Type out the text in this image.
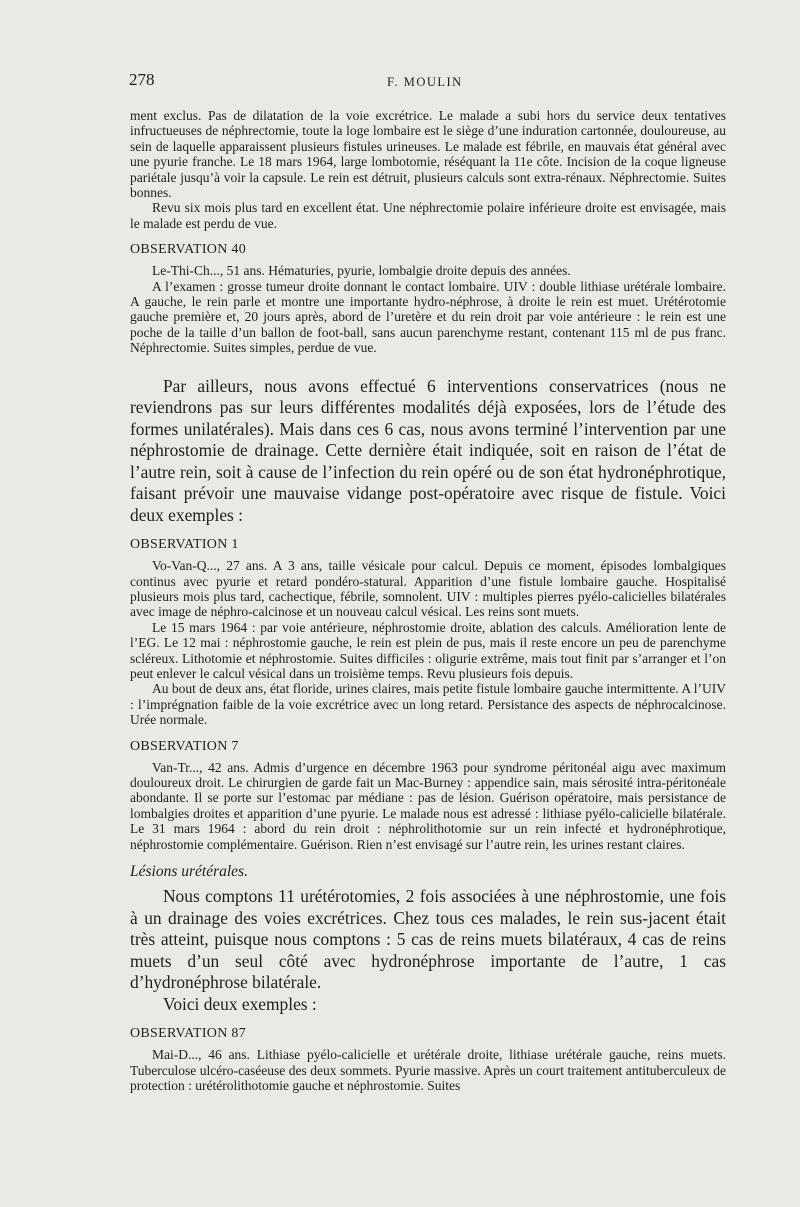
278	F. MOULIN

ment exclus. Pas de dilatation de la voie excrétrice. Le malade a subi hors du service deux tentatives infructueuses de néphrectomie, toute la loge lombaire est le siège d’une induration cartonnée, douloureuse, au sein de laquelle apparaissent plusieurs fistules urineuses. Le malade est fébrile, en mauvais état général avec une pyurie franche. Le 18 mars 1964, large lombotomie, réséquant la 11e côte. Incision de la coque ligneuse pariétale jusqu’à voir la capsule. Le rein est détruit, plusieurs calculs sont extra-rénaux. Néphrectomie. Suites bonnes.

Revu six mois plus tard en excellent état. Une néphrectomie polaire inférieure droite est envisagée, mais le malade est perdu de vue.

OBSERVATION 40

Le-Thi-Ch..., 51 ans. Hématuries, pyurie, lombalgie droite depuis des années.

A l’examen : grosse tumeur droite donnant le contact lombaire. UIV : double lithiase urétérale lombaire. A gauche, le rein parle et montre une importante hydro-néphrose, à droite le rein est muet. Urétérotomie gauche première et, 20 jours après, abord de l’uretère et du rein droit par voie antérieure : le rein est une poche de la taille d’un ballon de foot-ball, sans aucun parenchyme restant, contenant 115 ml de pus franc. Néphrectomie. Suites simples, perdue de vue.

Par ailleurs, nous avons effectué 6 interventions conservatrices (nous ne reviendrons pas sur leurs différentes modalités déjà exposées, lors de l’étude des formes unilatérales). Mais dans ces 6 cas, nous avons terminé l’intervention par une néphrostomie de drainage. Cette dernière était indiquée, soit en raison de l’état de l’autre rein, soit à cause de l’infection du rein opéré ou de son état hydronéphrotique, faisant prévoir une mauvaise vidange post-opératoire avec risque de fistule. Voici deux exemples :

OBSERVATION 1

Vo-Van-Q..., 27 ans. A 3 ans, taille vésicale pour calcul. Depuis ce moment, épisodes lombalgiques continus avec pyurie et retard pondéro-statural. Apparition d’une fistule lombaire gauche. Hospitalisé plusieurs mois plus tard, cachectique, fébrile, somnolent. UIV : multiples pierres pyélo-calicielles bilatérales avec image de néphro-calcinose et un nouveau calcul vésical. Les reins sont muets.

Le 15 mars 1964 : par voie antérieure, néphrostomie droite, ablation des calculs. Amélioration lente de l’EG. Le 12 mai : néphrostomie gauche, le rein est plein de pus, mais il reste encore un peu de parenchyme scléreux. Lithotomie et néphrostomie. Suites difficiles : oligurie extrême, mais tout finit par s’arranger et l’on peut enlever le calcul vésical dans un troisième temps. Revu plusieurs fois depuis.

Au bout de deux ans, état floride, urines claires, mais petite fistule lombaire gauche intermittente. A l’UIV : l’imprégnation faible de la voie excrétrice avec un long retard. Persistance des aspects de néphrocalcinose. Urée normale.

OBSERVATION 7

Van-Tr..., 42 ans. Admis d’urgence en décembre 1963 pour syndrome péritonéal aigu avec maximum douloureux droit. Le chirurgien de garde fait un Mac-Burney : appendice sain, mais sérosité intra-péritonéale abondante. Il se porte sur l’estomac par médiane : pas de lésion. Guérison opératoire, mais persistance de lombalgies droites et apparition d’une pyurie. Le malade nous est adressé : lithiase pyélo-calicielle bilatérale. Le 31 mars 1964 : abord du rein droit : néphrolithotomie sur un rein infecté et hydronéphrotique, néphrostomie complémentaire. Guérison. Rien n’est envisagé sur l’autre rein, les urines restant claires.

Lésions urétérales.

Nous comptons 11 urétérotomies, 2 fois associées à une néphrostomie, une fois à un drainage des voies excrétrices. Chez tous ces malades, le rein sus-jacent était très atteint, puisque nous comptons : 5 cas de reins muets bilatéraux, 4 cas de reins muets d’un seul côté avec hydronéphrose importante de l’autre, 1 cas d’hydronéphrose bilatérale.

Voici deux exemples :

OBSERVATION 87

Mai-D..., 46 ans. Lithiase pyélo-calicielle et urétérale droite, lithiase urétérale gauche, reins muets. Tuberculose ulcéro-caséeuse des deux sommets. Pyurie massive. Après un court traitement antituberculeux de protection : urétérolithotomie gauche et néphrostomie. Suites
